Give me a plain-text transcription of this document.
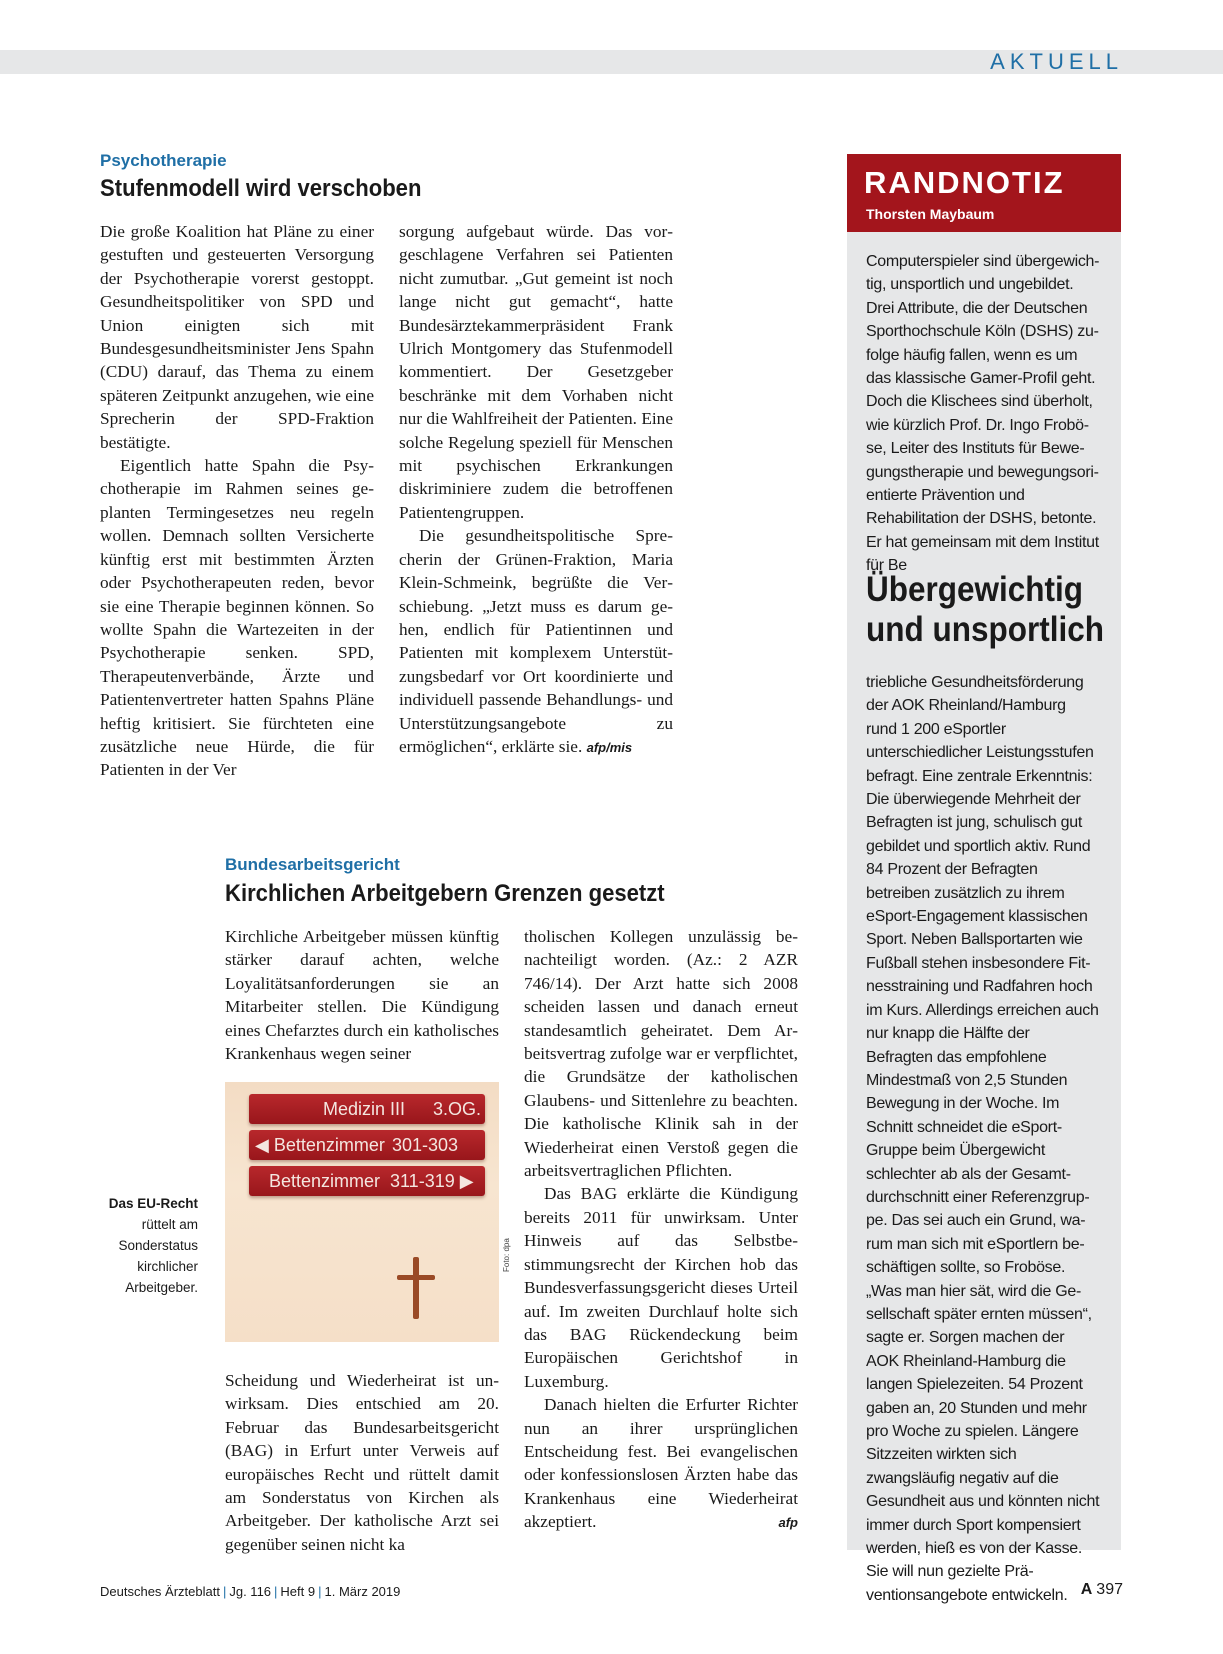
AKTUELL
Psychotherapie
Stufenmodell wird verschoben

Die große Koalition hat Pläne zu einer gestuften und gesteuerten Versorgung der Psychotherapie vorerst gestoppt. Gesundheitspolitiker von SPD und Union einigten sich mit Bundesgesundheitsminister Jens Spahn (CDU) darauf, das Thema zu einem späteren Zeitpunkt anzugehen, wie eine Sprecherin der SPD-Fraktion bestätigte.

Eigentlich hatte Spahn die Psychotherapie im Rahmen seines geplanten Termingesetzes neu regeln wollen. Demnach sollten Versicherte künftig erst mit bestimmten Ärzten oder Psychotherapeuten reden, bevor sie eine Therapie beginnen können. So wollte Spahn die Wartezeiten in der Psychotherapie senken. SPD, Therapeutenverbände, Ärzte und Patientenvertreter hatten Spahns Pläne heftig kritisiert. Sie fürchteten eine zusätzliche neue Hürde, die für Patienten in der Ver

sorgung aufgebaut würde. Das vorgeschlagene Verfahren sei Patienten nicht zumutbar. „Gut gemeint ist noch lange nicht gut gemacht“, hatte Bundesärztekammerpräsident Frank Ulrich Montgomery das Stufenmodell kommentiert. Der Gesetzgeber beschränke mit dem Vorhaben nicht nur die Wahlfreiheit der Patienten. Eine solche Regelung speziell für Menschen mit psychischen Erkrankungen diskriminiere zudem die betroffenen Patientengruppen.

Die gesundheitspolitische Sprecherin der Grünen-Fraktion, Maria Klein-Schmeink, begrüßte die Verschiebung. „Jetzt muss es darum gehen, endlich für Patientinnen und Patienten mit komplexem Unterstützungsbedarf vor Ort koordinierte und individuell passende Behandlungs- und Unterstützungsangebote zu ermöglichen“, erklärte sie. afp/mis

Bundesarbeitsgericht
Kirchlichen Arbeitgebern Grenzen gesetzt

Kirchliche Arbeitgeber müssen künftig stärker darauf achten, welche Loyalitätsanforderungen sie an Mitarbeiter stellen. Die Kündigung eines Chefarztes durch ein katholisches Krankenhaus wegen seiner

Medizin III 3.OG.
◀ Bettenzimmer 301-303
Bettenzimmer 311-319 ▶
Foto: dpa
Das EU-Recht
rüttelt am Sonderstatus kirchlicher Arbeitgeber.

Scheidung und Wiederheirat ist unwirksam. Dies entschied am 20. Februar das Bundesarbeitsgericht (BAG) in Erfurt unter Verweis auf europäisches Recht und rüttelt damit am Sonderstatus von Kirchen als Arbeitgeber. Der katholische Arzt sei gegenüber seinen nicht ka

tholischen Kollegen unzulässig benachteiligt worden. (Az.: 2 AZR 746/14). Der Arzt hatte sich 2008 scheiden lassen und danach erneut standesamtlich geheiratet. Dem Arbeitsvertrag zufolge war er verpflichtet, die Grundsätze der katholischen Glaubens- und Sittenlehre zu beachten. Die katholische Klinik sah in der Wiederheirat einen Verstoß gegen die arbeitsvertraglichen Pflichten.

Das BAG erklärte die Kündigung bereits 2011 für unwirksam. Unter Hinweis auf das Selbstbestimmungsrecht der Kirchen hob das Bundesverfassungsgericht dieses Urteil auf. Im zweiten Durchlauf holte sich das BAG Rückendeckung beim Europäischen Gerichtshof in Luxemburg.

Danach hielten die Erfurter Richter nun an ihrer ursprünglichen Entscheidung fest. Bei evangelischen oder konfessionslosen Ärzten habe das Krankenhaus eine Wiederheirat akzeptiert.	afp
RANDNOTIZ
Thorsten Maybaum

Computerspieler sind übergewichtig, unsportlich und ungebildet. Drei Attribute, die der Deutschen Sporthochschule Köln (DSHS) zufolge häufig fallen, wenn es um das klassische Gamer-Profil geht. Doch die Klischees sind überholt, wie kürzlich Prof. Dr. Ingo Froböse, Leiter des Instituts für Bewegungstherapie und bewegungsorientierte Prävention und Rehabilitation der DSHS, betonte. Er hat gemeinsam mit dem Institut für Be

Übergewichtig
und unsportlich

triebliche Gesundheitsförderung der AOK Rheinland/Hamburg rund 1 200 eSportler unterschiedlicher Leistungsstufen befragt. Eine zentrale Erkenntnis: Die überwiegende Mehrheit der Befragten ist jung, schulisch gut gebildet und sportlich aktiv. Rund 84 Prozent der Befragten betreiben zusätzlich zu ihrem eSport-Engagement klassischen Sport. Neben Ballsportarten wie Fußball stehen insbesondere Fitnesstraining und Radfahren hoch im Kurs. Allerdings erreichen auch nur knapp die Hälfte der Befragten das empfohlene Mindestmaß von 2,5 Stunden Bewegung in der Woche. Im Schnitt schneidet die eSport-Gruppe beim Übergewicht schlechter ab als der Gesamtdurchschnitt einer Referenzgruppe. Das sei auch ein Grund, warum man sich mit eSportlern beschäftigen sollte, so Froböse. „Was man hier sät, wird die Gesellschaft später ernten müssen“, sagte er. Sorgen machen der AOK Rheinland-Hamburg die langen Spielezeiten. 54 Prozent gaben an, 20 Stunden und mehr pro Woche zu spielen. Längere Sitzzeiten wirkten sich zwangsläufig negativ auf die Gesundheit aus und könnten nicht immer durch Sport kompensiert werden, hieß es von der Kasse. Sie will nun gezielte Präventionsangebote entwickeln.

Deutsches Ärzteblatt | Jg. 116 | Heft 9 | 1. März 2019	A 397
